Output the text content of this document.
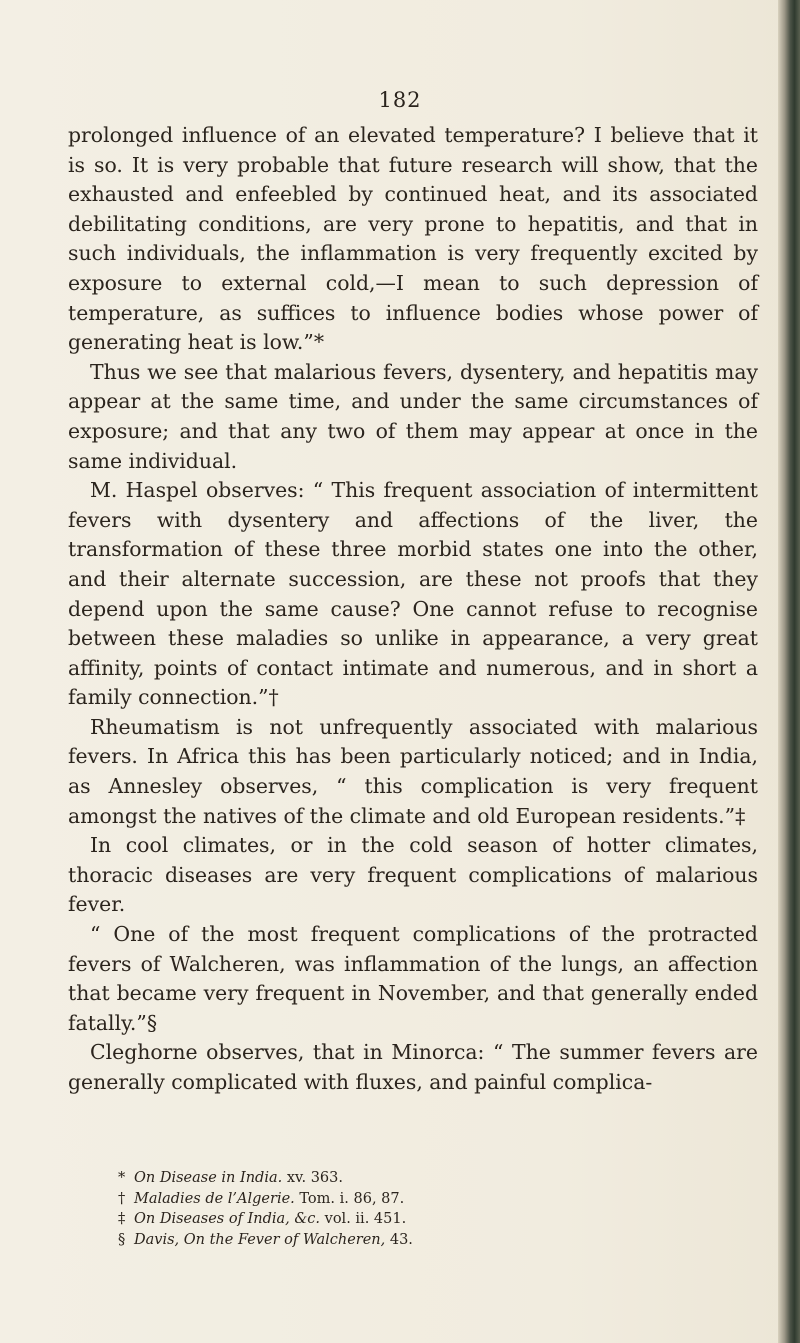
182

prolonged influence of an elevated temperature? I believe that it is so. It is very probable that future research will show, that the exhausted and enfeebled by continued heat, and its associated debilitating conditions, are very prone to hepatitis, and that in such individuals, the inflammation is very frequently excited by exposure to external cold,—I mean to such depression of temperature, as suffices to influence bodies whose power of generating heat is low.”*

Thus we see that malarious fevers, dysentery, and hepatitis may appear at the same time, and under the same circumstances of exposure; and that any two of them may appear at once in the same individual.

M. Haspel observes: “ This frequent association of intermittent fevers with dysentery and affections of the liver, the transformation of these three morbid states one into the other, and their alternate succession, are these not proofs that they depend upon the same cause? One cannot refuse to recognise between these maladies so unlike in appearance, a very great affinity, points of contact intimate and numerous, and in short a family connection.”†

Rheumatism is not unfrequently associated with malarious fevers. In Africa this has been particularly noticed; and in India, as Annesley observes, “ this complication is very frequent amongst the natives of the climate and old European residents.”‡

In cool climates, or in the cold season of hotter climates, thoracic diseases are very frequent complications of malarious fever.

“ One of the most frequent complications of the protracted fevers of Walcheren, was inflammation of the lungs, an affection that became very frequent in November, and that generally ended fatally.”§

Cleghorne observes, that in Minorca: “ The summer fevers are generally complicated with fluxes, and painful complica-

* On Disease in India. xv. 363.

† Maladies de l’Algerie. Tom. i. 86, 87.

‡ On Diseases of India, &c. vol. ii. 451.

§ Davis, On the Fever of Walcheren, 43.
